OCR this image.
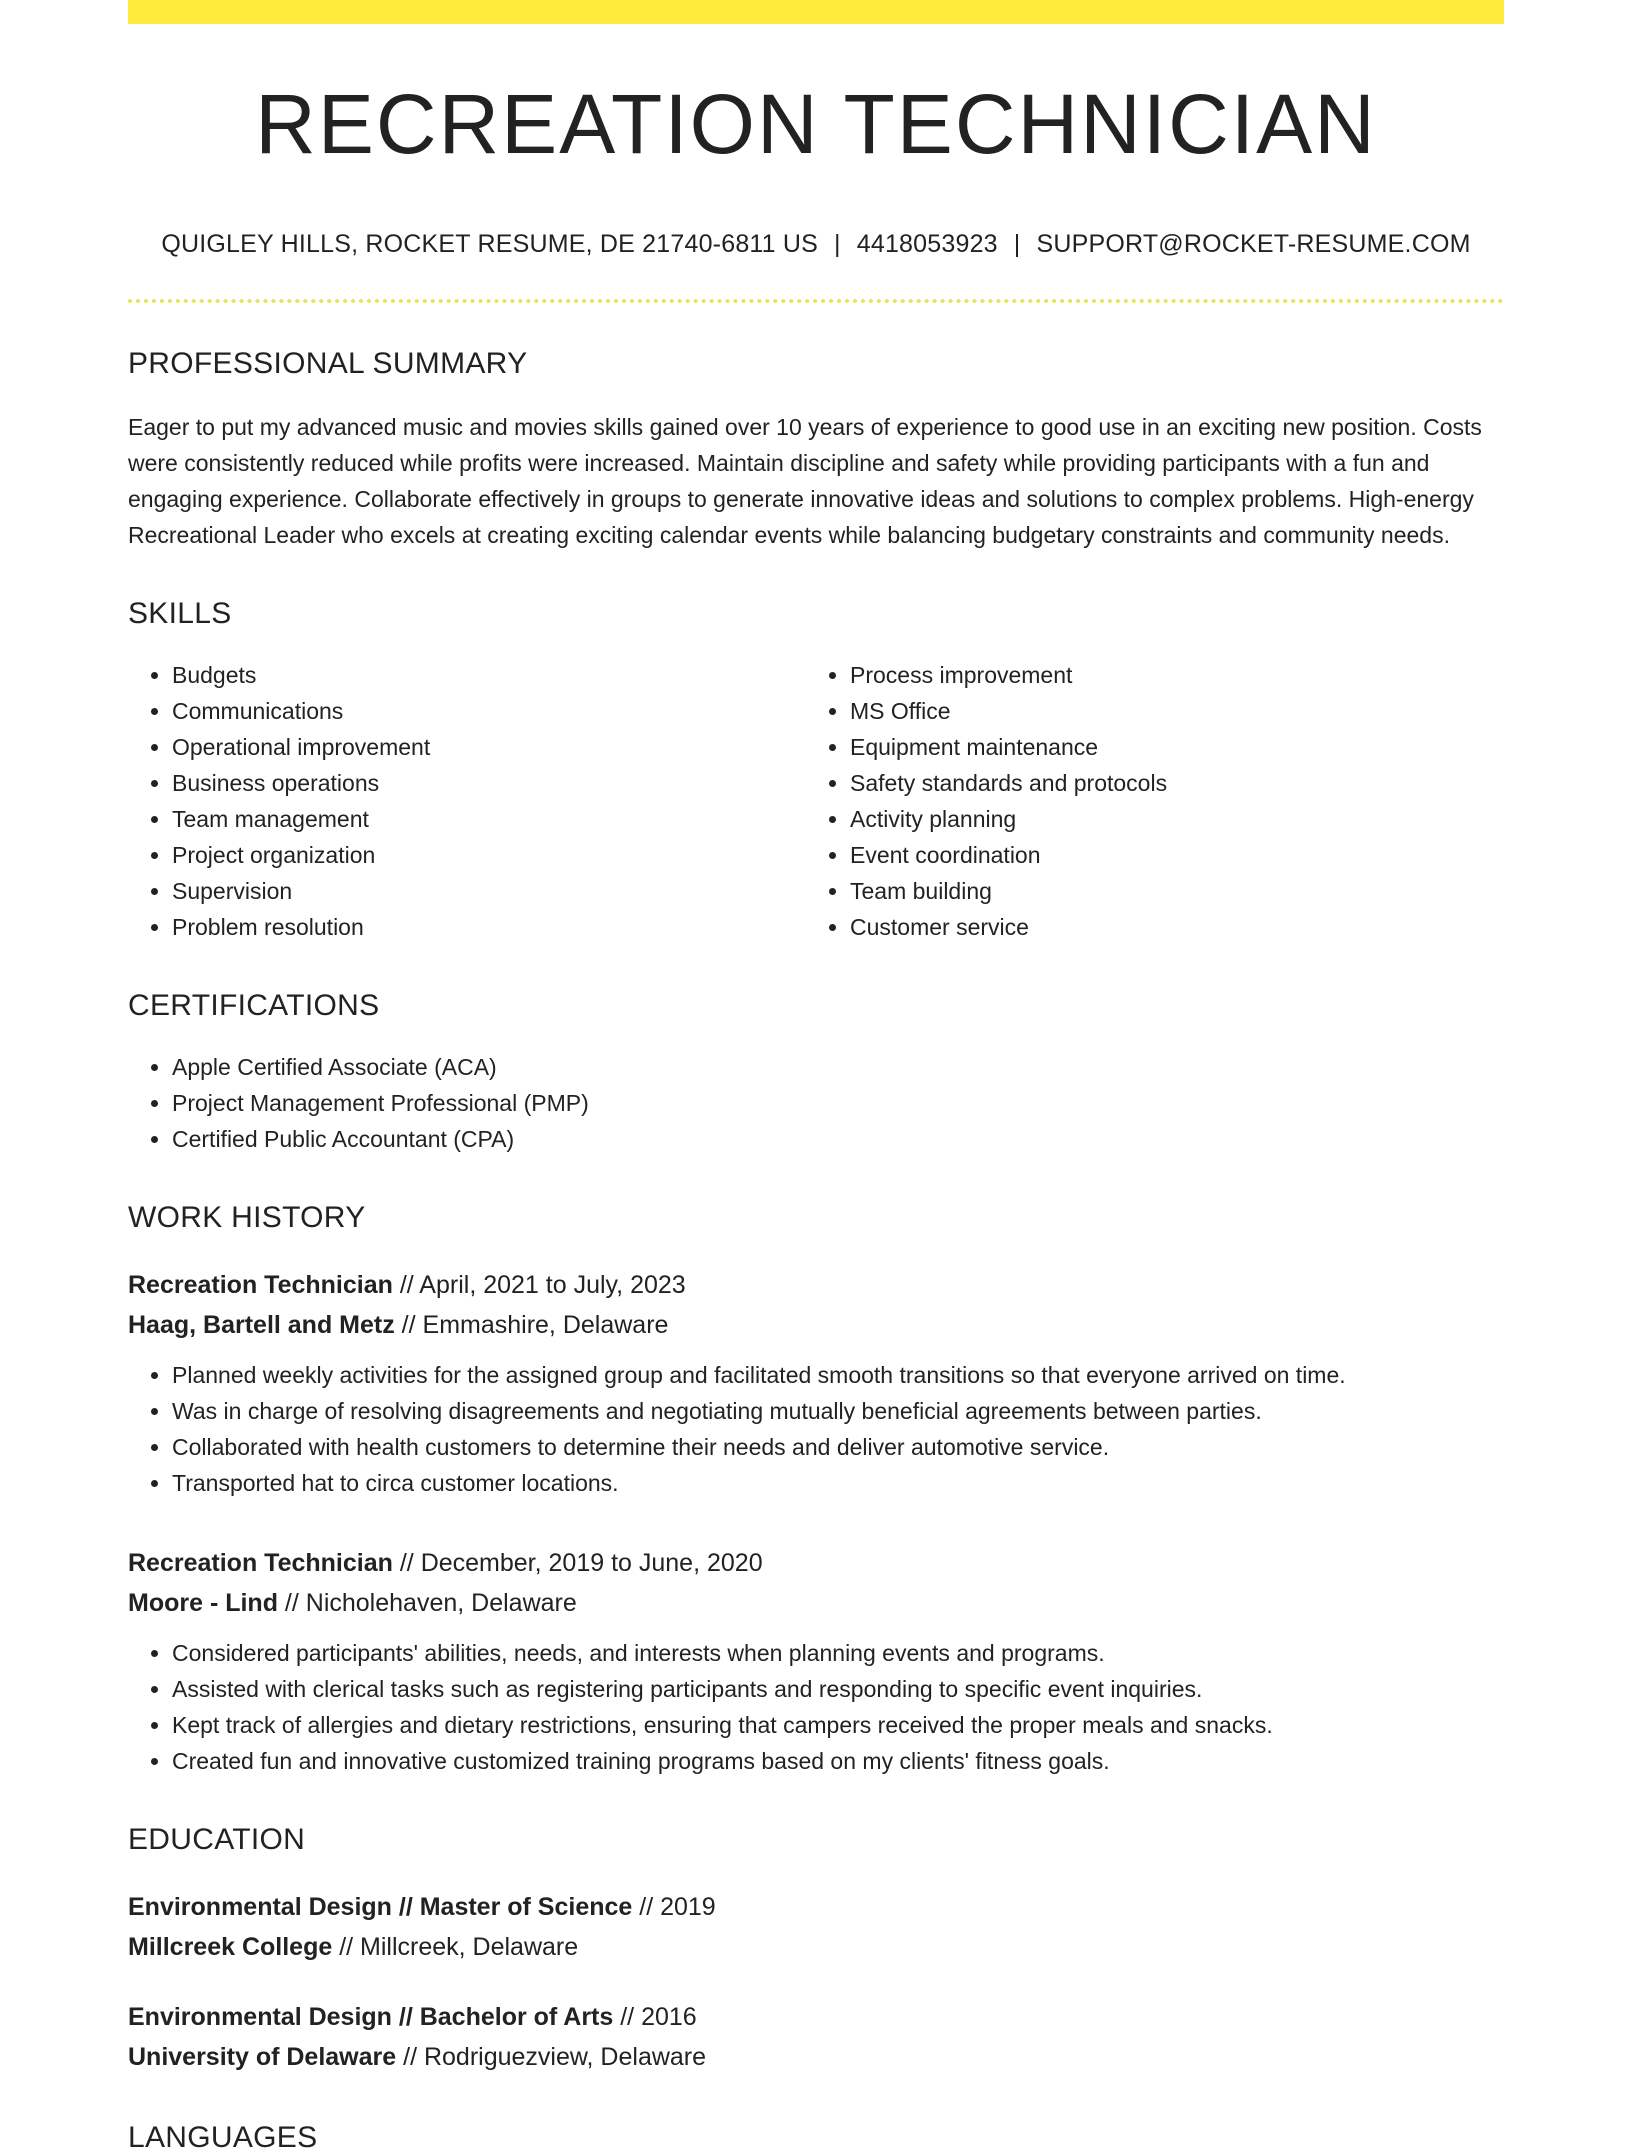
RECREATION TECHNICIAN
QUIGLEY HILLS, ROCKET RESUME, DE 21740-6811 US | 4418053923 | SUPPORT@ROCKET-RESUME.COM
PROFESSIONAL SUMMARY

Eager to put my advanced music and movies skills gained over 10 years of experience to good use in an exciting new position. Costs were consistently reduced while profits were increased. Maintain discipline and safety while providing participants with a fun and engaging experience. Collaborate effectively in groups to generate innovative ideas and solutions to complex problems. High-energy Recreational Leader who excels at creating exciting calendar events while balancing budgetary constraints and community needs.

SKILLS
• Budgets
• Communications
• Operational improvement
• Business operations
• Team management
• Project organization
• Supervision
• Problem resolution
• Process improvement
• MS Office
• Equipment maintenance
• Safety standards and protocols
• Activity planning
• Event coordination
• Team building
• Customer service
CERTIFICATIONS
• Apple Certified Associate (ACA)
• Project Management Professional (PMP)
• Certified Public Accountant (CPA)
WORK HISTORY
Recreation Technician // April, 2021 to July, 2023
Haag, Bartell and Metz // Emmashire, Delaware
• Planned weekly activities for the assigned group and facilitated smooth transitions so that everyone arrived on time.
• Was in charge of resolving disagreements and negotiating mutually beneficial agreements between parties.
• Collaborated with health customers to determine their needs and deliver automotive service.
• Transported hat to circa customer locations.
Recreation Technician // December, 2019 to June, 2020
Moore - Lind // Nicholehaven, Delaware
• Considered participants' abilities, needs, and interests when planning events and programs.
• Assisted with clerical tasks such as registering participants and responding to specific event inquiries.
• Kept track of allergies and dietary restrictions, ensuring that campers received the proper meals and snacks.
• Created fun and innovative customized training programs based on my clients' fitness goals.
EDUCATION
Environmental Design // Master of Science // 2019
Millcreek College // Millcreek, Delaware
Environmental Design // Bachelor of Arts // 2016
University of Delaware // Rodriguezview, Delaware
LANGUAGES
